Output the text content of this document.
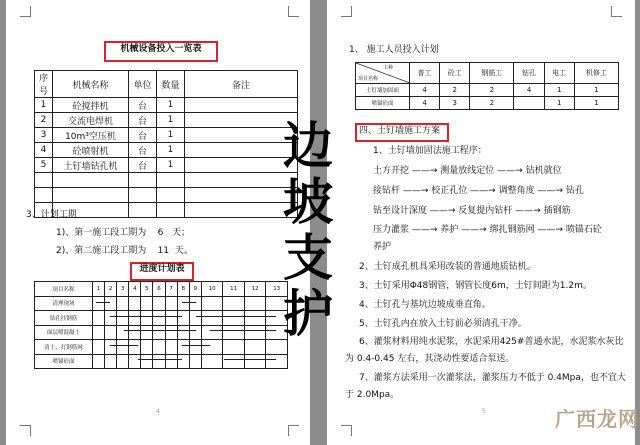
机械设备投入一览表
序号	机械名称	单位	数量	备注
1	砼搅拌机	台	1	
2	交流电焊机	台	1	
3	10m³空压机	台	1	
4	砼喷射机	台	1	
5	土钉墙钻孔机	台	1	

3、计划工期
1)、第一施工段工期为    6   天；
2)、第二施工段工期为    11  天。
进度计划表
项目名称	1	2	3	4	5	6	7	8	9	10	11	12	13
清理现场													
钻孔挂钢筋													
面层喷混凝土													
清土、打钢筋网													
喷锚砼面													
4
1、 施工人员投入计划
工种
项目名称	普工	砼工	钢筋工	钻孔	电工	机修工
土钉墙加固面	4	2	2	4	1	1
喷锚砼面	4	3	2		1	1
四、土钉墙施工方案
1、土钉墙加固法施工程序：
土方开挖 ——→ 测量放线定位 ——→ 钻机就位
接钻杆 ——→ 校正孔位 ——→ 调整角度 ——→ 钻孔
钻至设计深度 ——→ 反复提内钻杆 ——→ 插钢筋
压力灌浆 ——→ 养护 ——→ 绑扎钢筋网 ——→ 喷锚石砼
养护
2、土钉成孔机具采用改装的普通地质钻机。
3、土钉采用Φ48钢管，钢管长度6m，土钉间距为1.2m。
4、土钉孔与基坑边坡成垂直角。
5、土钉孔内在放入土钉前必须清孔干净。
6、灌浆材料用纯水泥浆，水泥采用425#普通水泥，水泥浆水灰比
为 0.4-0.45 左右，其浇动性要适合泵送。
7、灌浆方法采用一次灌浆法，灌浆压力不低于 0.4Mpa，也不宜大
于 2.0Mpa。
5
边
坡
支
护
广西龙网
